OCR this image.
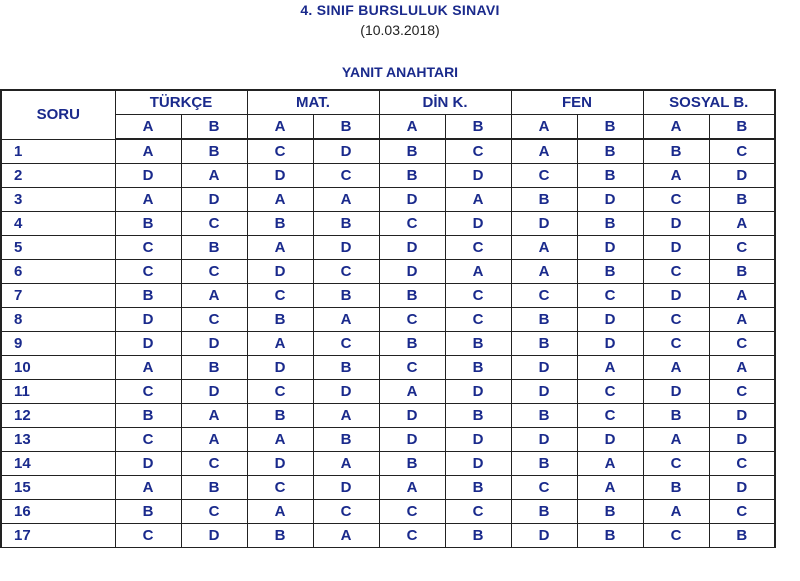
4. SINIF BURSLULUK SINAVI
(10.03.2018)
YANIT ANAHTARI
SORU	TÜRKÇE		MAT.		DİN K.		FEN		SOSYAL B.	
	A	B	A	B	A	B	A	B	A	B
1	A	B	C	D	B	C	A	B	B	C
2	D	A	D	C	B	D	C	B	A	D
3	A	D	A	A	D	A	B	D	C	B
4	B	C	B	B	C	D	D	B	D	A
5	C	B	A	D	D	C	A	D	D	C
6	C	C	D	C	D	A	A	B	C	B
7	B	A	C	B	B	C	C	C	D	A
8	D	C	B	A	C	C	B	D	C	A
9	D	D	A	C	B	B	B	D	C	C
10	A	B	D	B	C	B	D	A	A	A
11	C	D	C	D	A	D	D	C	D	C
12	B	A	B	A	D	B	B	C	B	D
13	C	A	A	B	D	D	D	D	A	D
14	D	C	D	A	B	D	B	A	C	C
15	A	B	C	D	A	B	C	A	B	D
16	B	C	A	C	C	C	B	B	A	C
17	C	D	B	A	C	B	D	B	C	B
